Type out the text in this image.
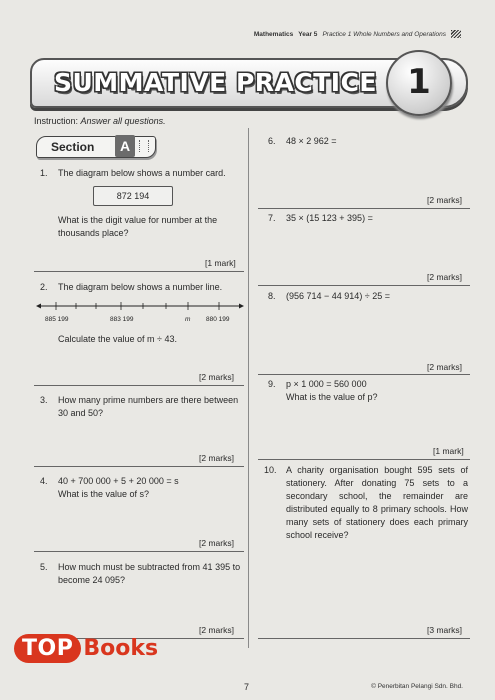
Mathematics Year 5 Practice 1 Whole Numbers and Operations
SUMMATIVE PRACTICE 1
Instruction: Answer all questions.
Section	A
1.	The diagram below shows a number card.
872 194
What is the digit value for number at the thousands place?
[1 mark]
2.	The diagram below shows a number line.
885 199	883 199	m 880 199
Calculate the value of m ÷ 43.
[2 marks]
3.	How many prime numbers are there between 30 and 50?
[2 marks]
4.	40 + 700 000 + 5 + 20 000 = s
What is the value of s?
[2 marks]
5.	How much must be subtracted from 41 395 to become 24 095?
[2 marks]
6.	48 × 2 962 =
[2 marks]
7.	35 × (15 123 + 395) =
[2 marks]
8.	(956 714 − 44 914) ÷ 25 =
[2 marks]
9.	p × 1 000 = 560 000
What is the value of p?
[1 mark]
10.	A charity organisation bought 595 sets of stationery. After donating 75 sets to a secondary school, the remainder are distributed equally to 8 primary schools. How many sets of stationery does each primary school receive?
[3 marks]
TOP Books
7	© Penerbitan Pelangi Sdn. Bhd.
